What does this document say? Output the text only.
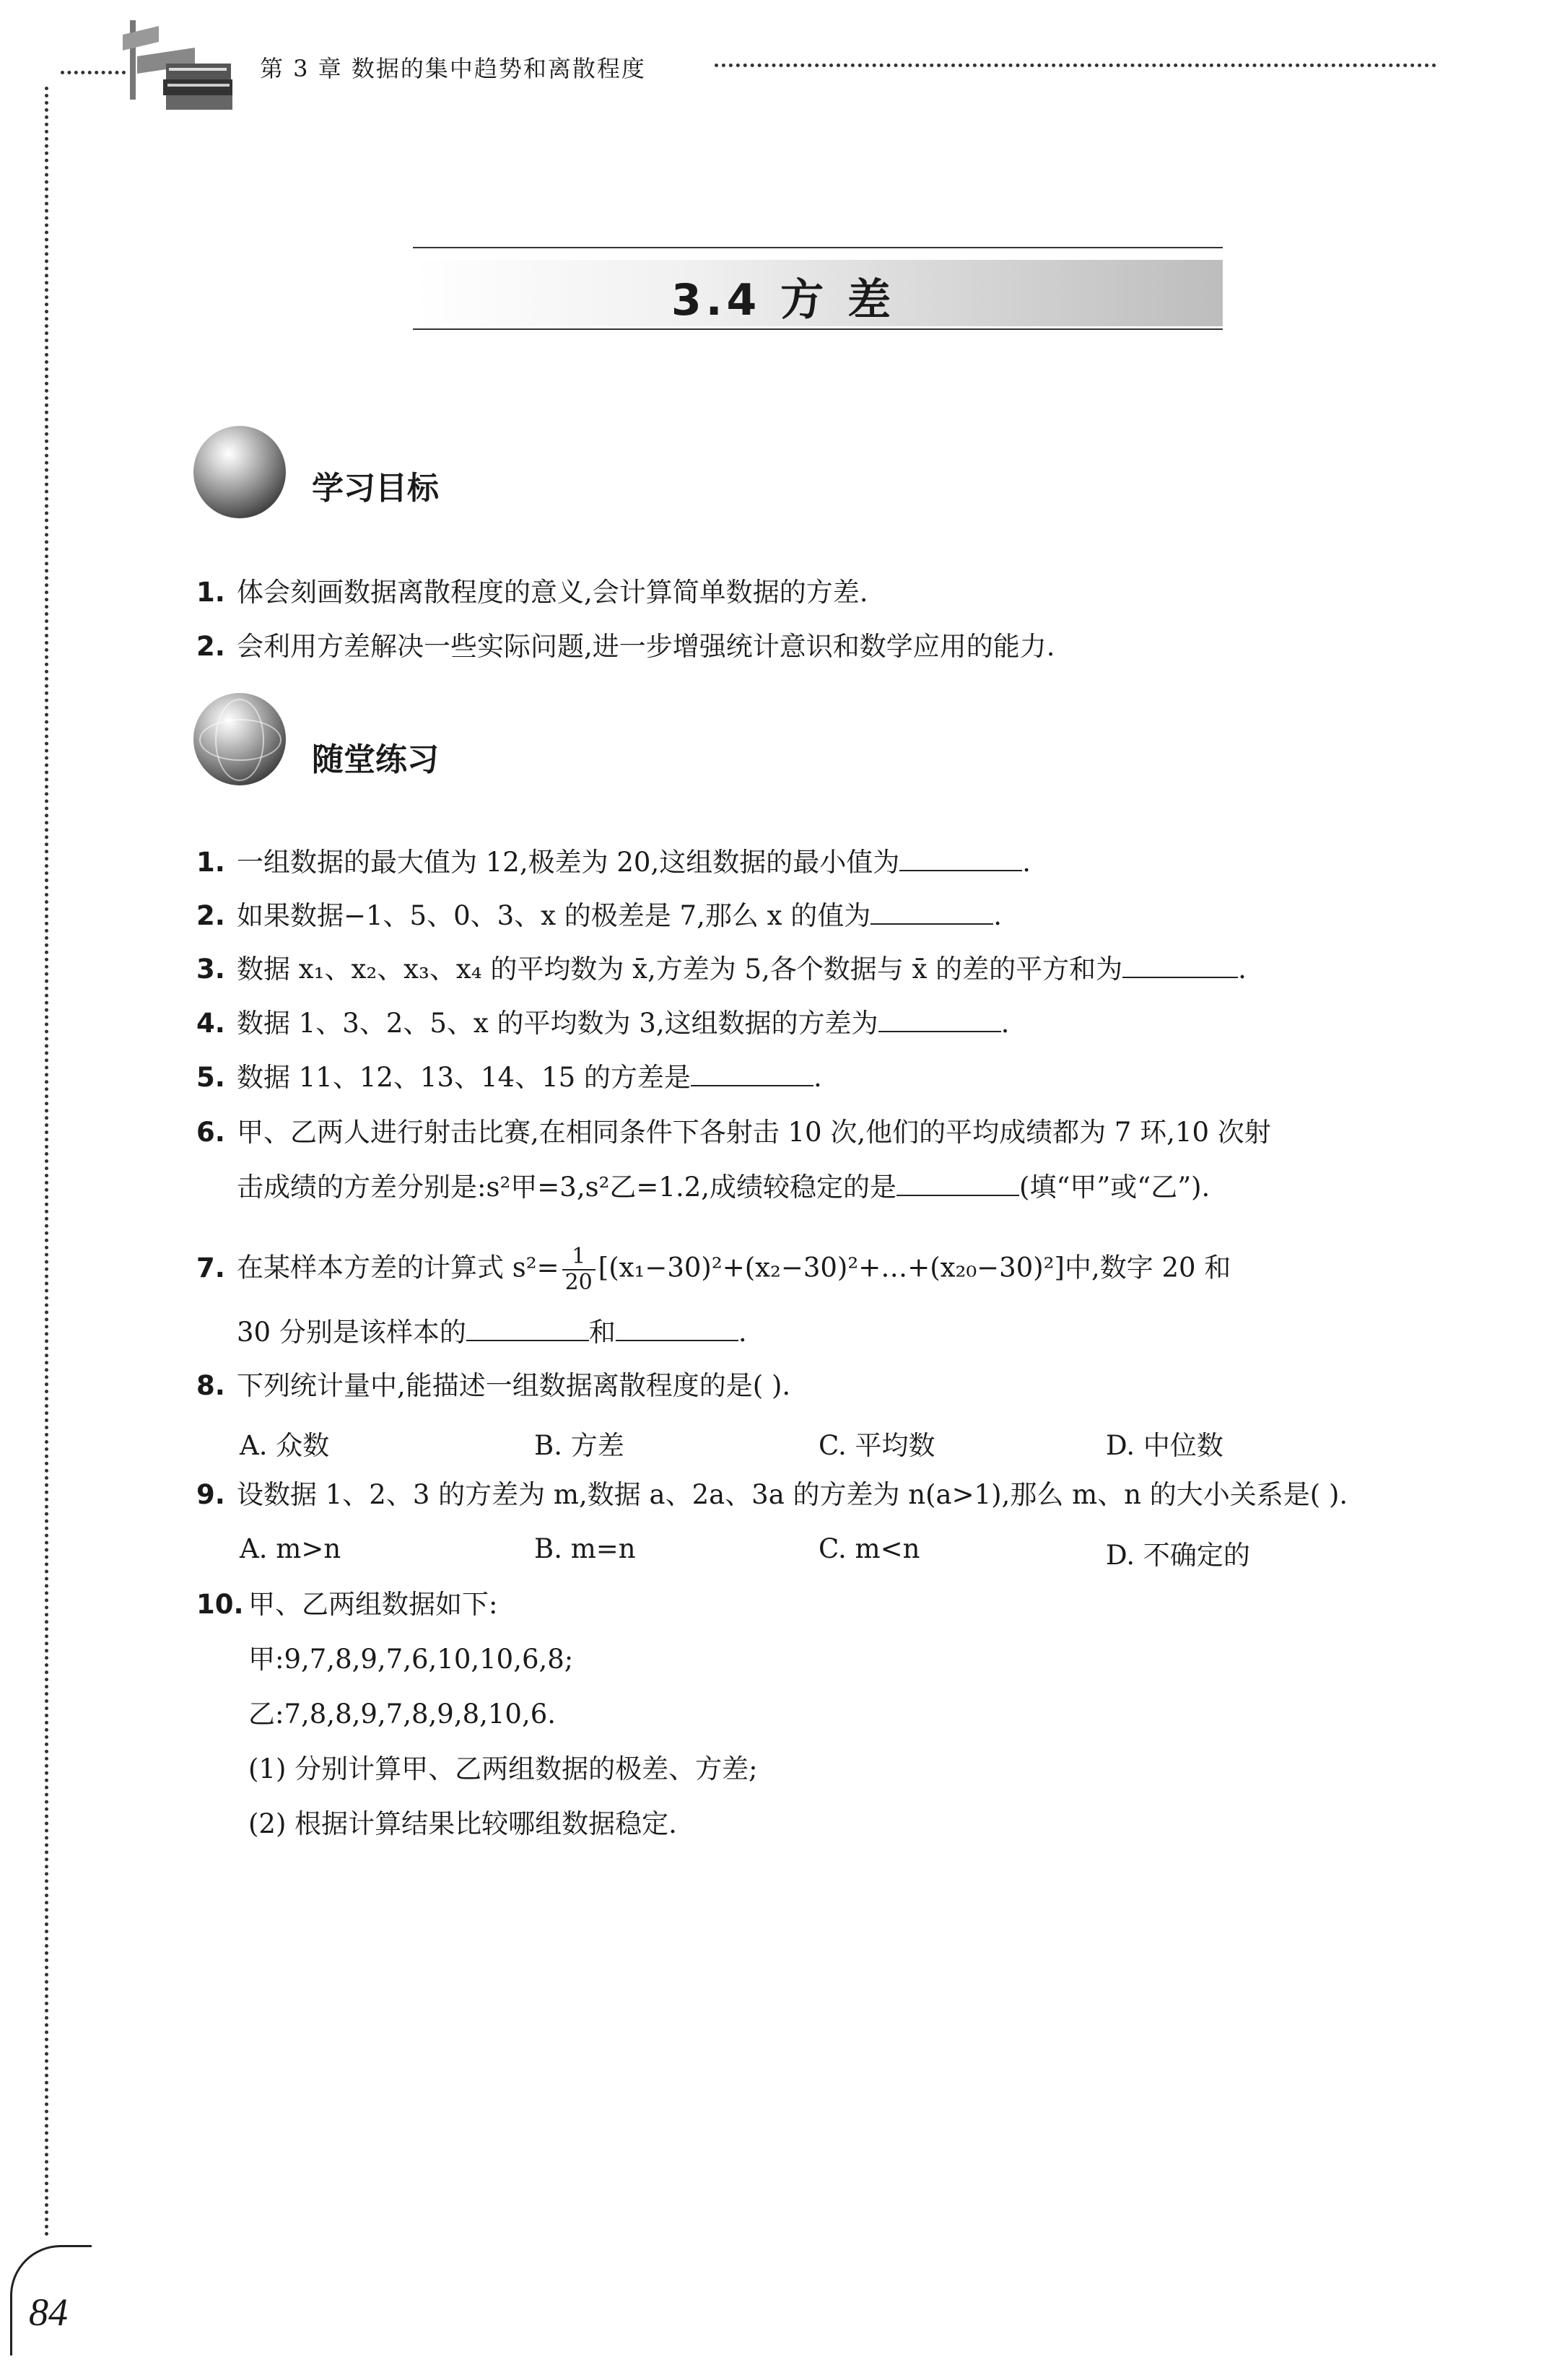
第 3 章 数据的集中趋势和离散程度
3.4 方 差
学习目标
1. 体会刻画数据离散程度的意义,会计算简单数据的方差.
2. 会利用方差解决一些实际问题,进一步增强统计意识和数学应用的能力.
随堂练习
1. 一组数据的最大值为 12,极差为 20,这组数据的最小值为	.
2. 如果数据−1、5、0、3、x 的极差是 7,那么 x 的值为	.
3. 数据 x₁、x₂、x₃、x₄ 的平均数为 x̄,方差为 5,各个数据与 x̄ 的差的平方和为	.
4. 数据 1、3、2、5、x 的平均数为 3,这组数据的方差为	.
5. 数据 11、12、13、14、15 的方差是	.
6. 甲、乙两人进行射击比赛,在相同条件下各射击 10 次,他们的平均成绩都为 7 环,10 次射
击成绩的方差分别是:s²甲=3,s²乙=1.2,成绩较稳定的是	(填“甲”或“乙”).
7. 在某样本方差的计算式 $s^2= \frac{1}{20}$ [(x₁−30)²+(x₂−30)²+…+(x₂₀−30)²]中,数字 20 和
30 分别是该样本的	和	.
8. 下列统计量中,能描述一组数据离散程度的是( ).
A. 众数	B. 方差	C. 平均数	D. 中位数
9. 设数据 1、2、3 的方差为 m,数据 a、2a、3a 的方差为 n(a>1),那么 m、n 的大小关系是( ).
A. m>n	B. m=n	C. m<n	D. 不确定的
10. 甲、乙两组数据如下:
甲:9,7,8,9,7,6,10,10,6,8;
乙:7,8,8,9,7,8,9,8,10,6.
(1) 分别计算甲、乙两组数据的极差、方差;
(2) 根据计算结果比较哪组数据稳定.
84
